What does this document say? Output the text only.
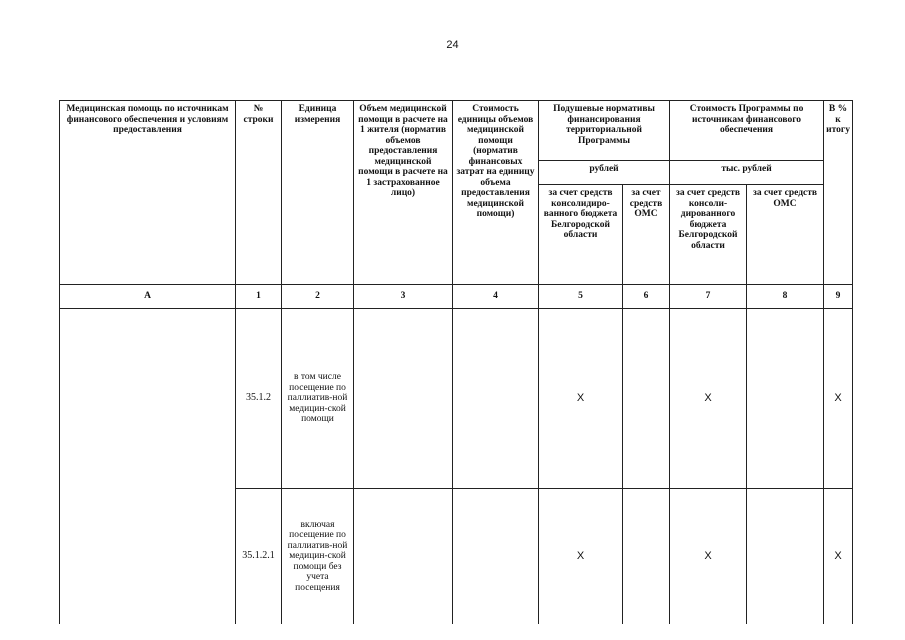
24
Медицинская помощь по источникам финансового обеспечения и условиям предоставления	№ строки	Единица измерения	Объем медицинской помощи в расчете на 1 жителя (норматив объемов предоставления медицинской помощи в расчете на 1 застрахованное лицо)	Стоимость единицы объемов медицинской помощи (норматив финансовых затрат на единицу объема предоставления медицинской помощи)	Подушевые нормативы финансирования территориальной Программы		Стоимость Программы по источникам финансового обеспечения		В % к итогу
					рублей		тыс. рублей		
					за счет средств консолидиро-ванного бюджета Белгородской области	за счет средств ОМС	за счет средств консоли-дированного бюджета Белгородской области	за счет средств ОМС	
А	1	2	3	4	5	6	7	8	9
	35.1.2	в том числе посещение по паллиатив-ной медицин-ской помощи			X		X		X
	35.1.2.1	включая посещение по паллиатив-ной медицин-ской помощи без учета посещения			X		X		X
